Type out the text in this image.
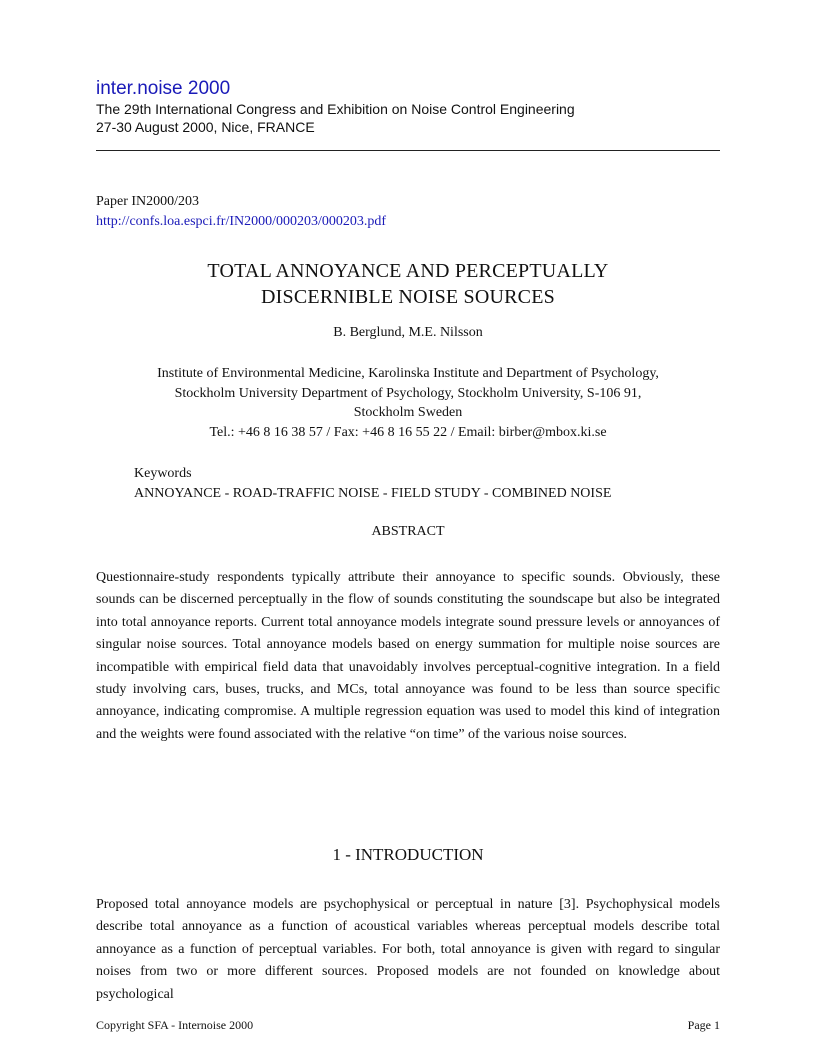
inter.noise 2000
The 29th International Congress and Exhibition on Noise Control Engineering
27-30 August 2000, Nice, FRANCE
Paper IN2000/203
http://confs.loa.espci.fr/IN2000/000203/000203.pdf
TOTAL ANNOYANCE AND PERCEPTUALLY
DISCERNIBLE NOISE SOURCES
B. Berglund, M.E. Nilsson
Institute of Environmental Medicine, Karolinska Institute and Department of Psychology,
Stockholm University Department of Psychology, Stockholm University, S-106 91,
Stockholm Sweden
Tel.: +46 8 16 38 57 / Fax: +46 8 16 55 22 / Email: birber@mbox.ki.se
Keywords
ANNOYANCE - ROAD-TRAFFIC NOISE - FIELD STUDY - COMBINED NOISE
ABSTRACT

Questionnaire-study respondents typically attribute their annoyance to specific sounds. Obviously, these sounds can be discerned perceptually in the flow of sounds constituting the soundscape but also be integrated into total annoyance reports. Current total annoyance models integrate sound pressure levels or annoyances of singular noise sources. Total annoyance models based on energy summation for multiple noise sources are incompatible with empirical field data that unavoidably involves perceptual-cognitive integration. In a field study involving cars, buses, trucks, and MCs, total annoyance was found to be less than source specific annoyance, indicating compromise. A multiple regression equation was used to model this kind of integration and the weights were found associated with the relative “on time” of the various noise sources.

1 - INTRODUCTION

Proposed total annoyance models are psychophysical or perceptual in nature [3]. Psychophysical models describe total annoyance as a function of acoustical variables whereas perceptual models describe total annoyance as a function of perceptual variables. For both, total annoyance is given with regard to singular noises from two or more different sources. Proposed models are not founded on knowledge about psychological

Copyright SFA - Internoise 2000	Page 1
